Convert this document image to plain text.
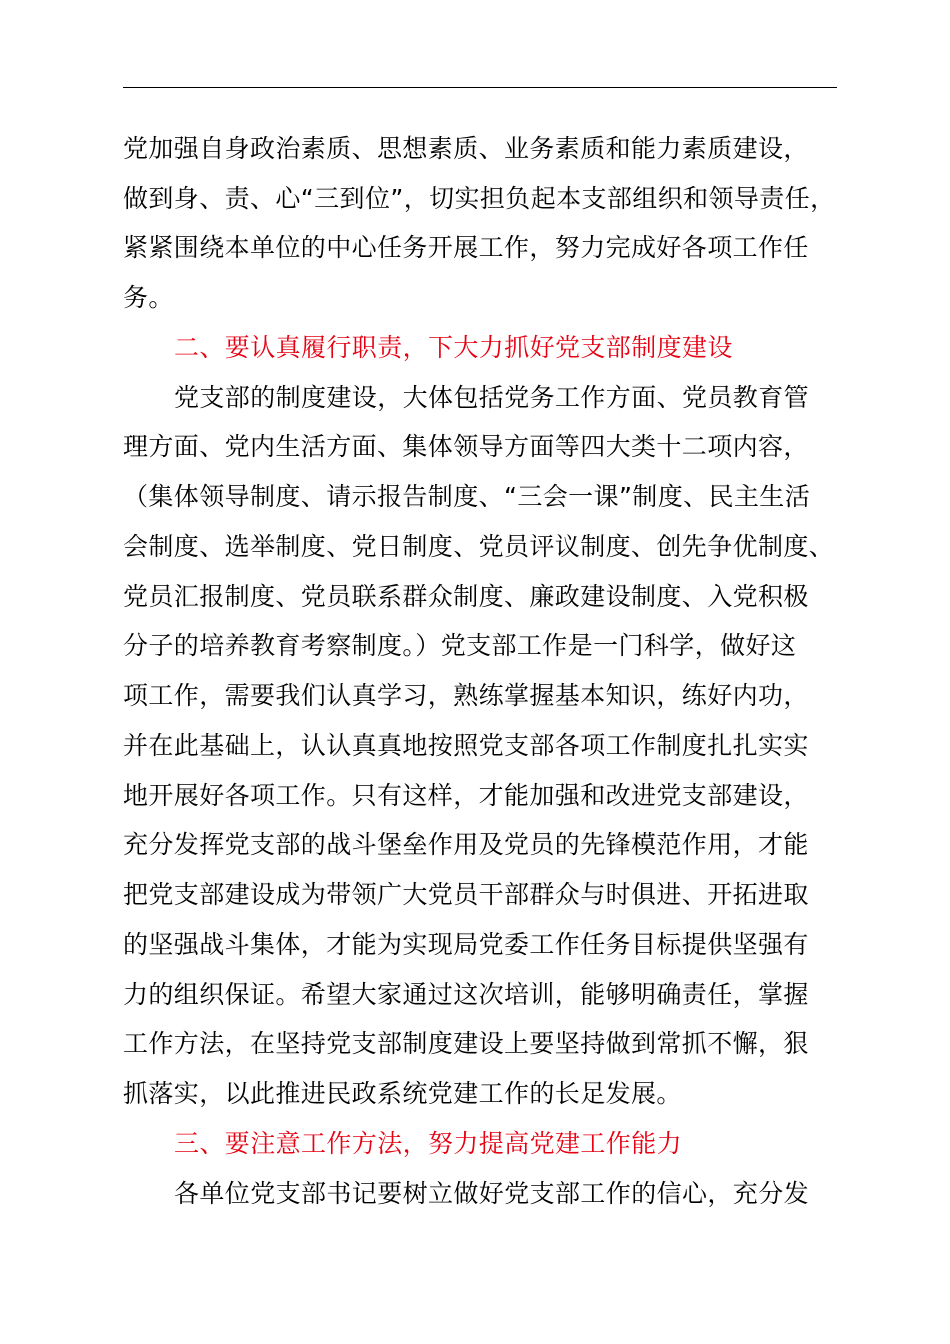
党加强自身政治素质、思想素质、业务素质和能力素质建设，
做到身、责、心“三到位”，切实担负起本支部组织和领导责任，
紧紧围绕本单位的中心任务开展工作，努力完成好各项工作任
务。
二、要认真履行职责，下大力抓好党支部制度建设
党支部的制度建设，大体包括党务工作方面、党员教育管
理方面、党内生活方面、集体领导方面等四大类十二项内容，
（集体领导制度、请示报告制度、“三会一课”制度、民主生活
会制度、选举制度、党日制度、党员评议制度、创先争优制度、
党员汇报制度、党员联系群众制度、廉政建设制度、入党积极
分子的培养教育考察制度。）党支部工作是一门科学，做好这
项工作，需要我们认真学习，熟练掌握基本知识，练好内功，
并在此基础上，认认真真地按照党支部各项工作制度扎扎实实
地开展好各项工作。只有这样，才能加强和改进党支部建设，
充分发挥党支部的战斗堡垒作用及党员的先锋模范作用，才能
把党支部建设成为带领广大党员干部群众与时俱进、开拓进取
的坚强战斗集体，才能为实现局党委工作任务目标提供坚强有
力的组织保证。希望大家通过这次培训，能够明确责任，掌握
工作方法，在坚持党支部制度建设上要坚持做到常抓不懈，狠
抓落实，以此推进民政系统党建工作的长足发展。
三、要注意工作方法，努力提高党建工作能力
各单位党支部书记要树立做好党支部工作的信心，充分发
